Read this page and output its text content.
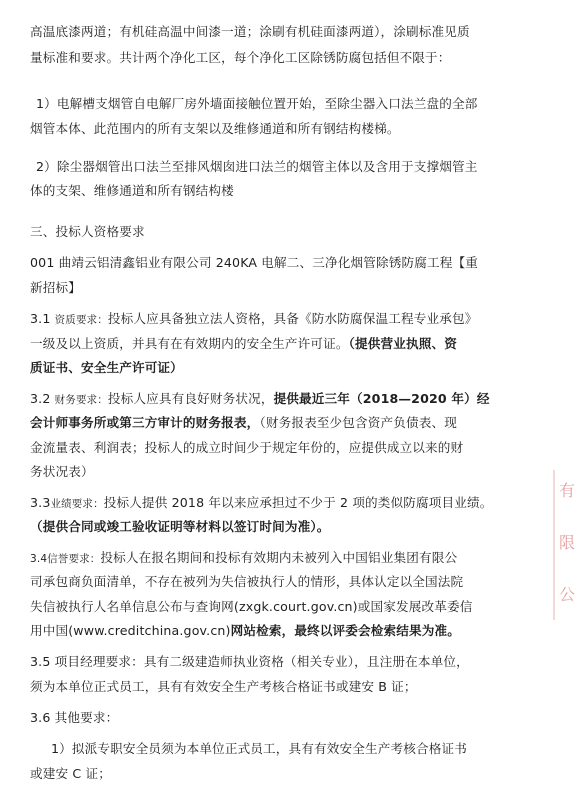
高温底漆两道；有机硅高温中间漆一道；涂刷有机硅面漆两道），涂刷标准见质
量标准和要求。共计两个净化工区，每个净化工区除锈防腐包括但不限于：
1）电解槽支烟管自电解厂房外墙面接触位置开始，至除尘器入口法兰盘的全部
烟管本体、此范围内的所有支架以及维修通道和所有钢结构楼梯。
2）除尘器烟管出口法兰至排风烟囱进口法兰的烟管主体以及含用于支撑烟管主
体的支架、维修通道和所有钢结构楼
三、投标人资格要求
001 曲靖云铝清鑫铝业有限公司 240KA 电解二、三净化烟管除锈防腐工程【重
新招标】
3.1 资质要求：投标人应具备独立法人资格，具备《防水防腐保温工程专业承包》
一级及以上资质，并具有在有效期内的安全生产许可证。（提供营业执照、资
质证书、安全生产许可证）
3.2 财务要求：投标人应具有良好财务状况，提供最近三年（2018—2020 年）经
会计师事务所或第三方审计的财务报表，（财务报表至少包含资产负债表、现
金流量表、利润表；投标人的成立时间少于规定年份的，应提供成立以来的财
务状况表）
3.3业绩要求：投标人提供 2018 年以来应承担过不少于 2 项的类似防腐项目业绩。
（提供合同或竣工验收证明等材料以签订时间为准）。
3.4信誉要求：投标人在报名期间和投标有效期内未被列入中国铝业集团有限公
司承包商负面清单，不存在被列为失信被执行人的情形，具体认定以全国法院
失信被执行人名单信息公布与查询网(zxgk.court.gov.cn)或国家发展改革委信
用中国(www.creditchina.gov.cn)网站检索，最终以评委会检索结果为准。
3.5 项目经理要求：具有二级建造师执业资格（相关专业），且注册在本单位，
须为本单位正式员工，具有有效安全生产考核合格证书或建安 B 证；
3.6 其他要求：
1）拟派专职安全员须为本单位正式员工，具有有效安全生产考核合格证书
或建安 C 证；
有
限
公
